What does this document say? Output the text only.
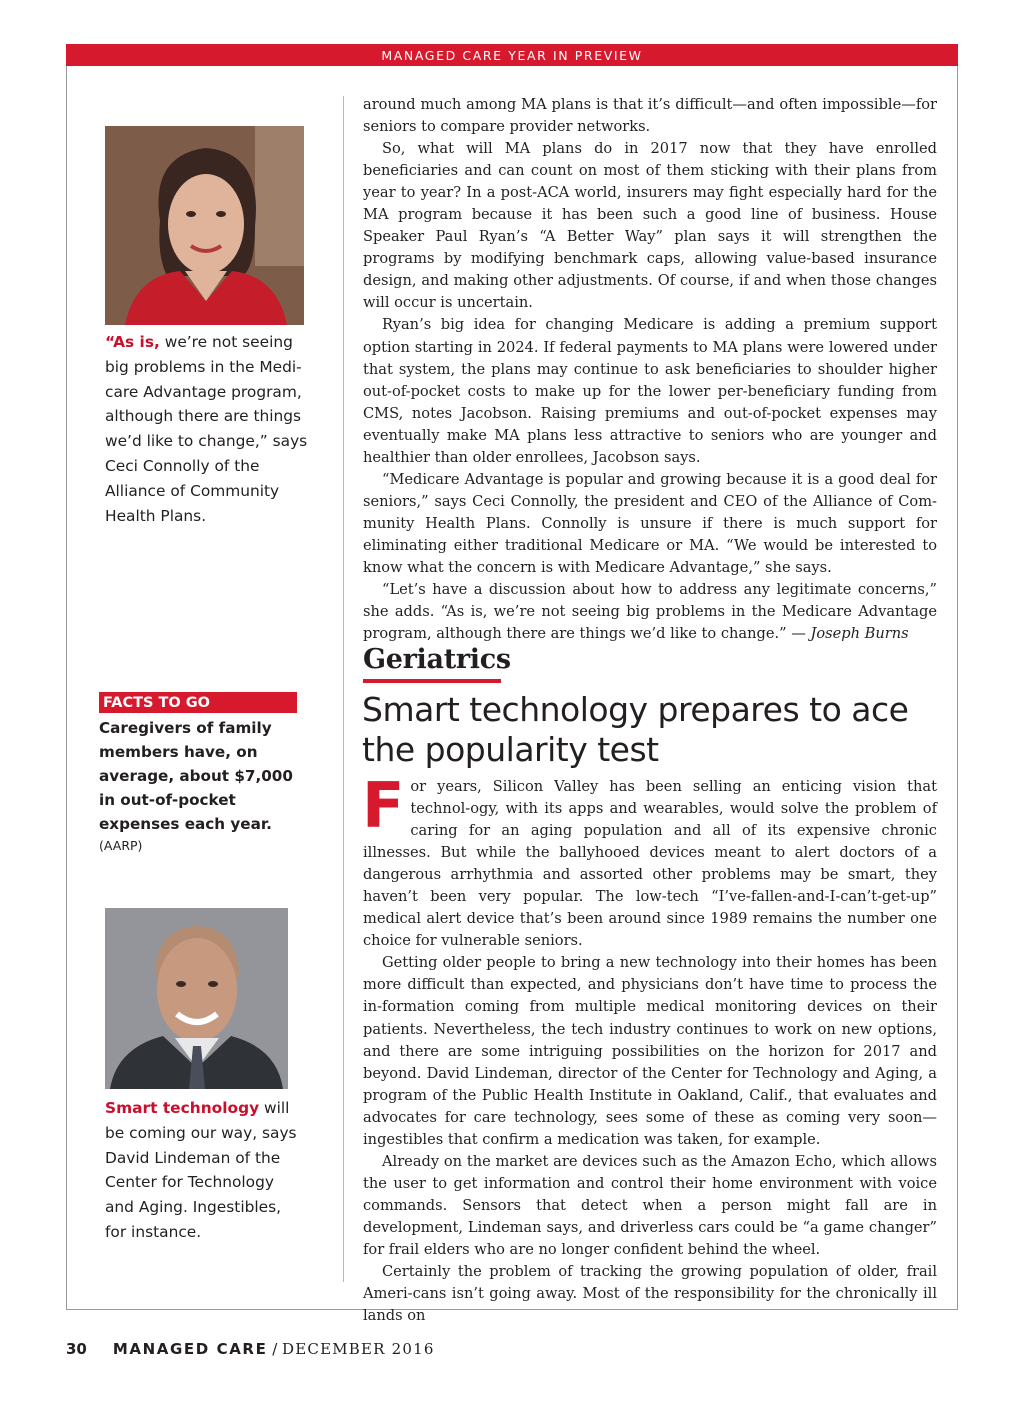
MANAGED CARE YEAR IN PREVIEW
“As is, we’re not seeing big problems in the Medi-care Advantage program, although there are things we’d like to change,” says Ceci Connolly of the Alliance of Community Health Plans.
FACTS TO GO
Caregivers of family members have, on average, about $7,000 in out-of-pocket expenses each year.
(AARP)
Smart technology will be coming our way, says David Lindeman of the Center for Technology and Aging. Ingestibles, for instance.

around much among MA plans is that it’s difficult—and often impossible—for seniors to compare provider networks.

So, what will MA plans do in 2017 now that they have enrolled beneficiaries and can count on most of them sticking with their plans from year to year? In a post-ACA world, insurers may fight especially hard for the MA program because it has been such a good line of business. House Speaker Paul Ryan’s “A Better Way” plan says it will strengthen the programs by modifying benchmark caps, allowing value-based insurance design, and making other adjustments. Of course, if and when those changes will occur is uncertain.

Ryan’s big idea for changing Medicare is adding a premium support option starting in 2024. If federal payments to MA plans were lowered under that system, the plans may continue to ask beneficiaries to shoulder higher out-of-pocket costs to make up for the lower per-beneficiary funding from CMS, notes Jacobson. Raising premiums and out-of-pocket expenses may eventually make MA plans less attractive to seniors who are younger and healthier than older enrollees, Jacobson says.

“Medicare Advantage is popular and growing because it is a good deal for seniors,” says Ceci Connolly, the president and CEO of the Alliance of Com-munity Health Plans. Connolly is unsure if there is much support for eliminating either traditional Medicare or MA. “We would be interested to know what the concern is with Medicare Advantage,” she says.

“Let’s have a discussion about how to address any legitimate concerns,” she adds. “As is, we’re not seeing big problems in the Medicare Advantage program, although there are things we’d like to change.” — Joseph Burns

Geriatrics
Smart technology prepares to ace the popularity test

For years, Silicon Valley has been selling an enticing vision that technol-ogy, with its apps and wearables, would solve the problem of caring for an aging population and all of its expensive chronic illnesses. But while the ballyhooed devices meant to alert doctors of a dangerous arrhythmia and assorted other problems may be smart, they haven’t been very popular. The low-tech “I’ve-fallen-and-I-can’t-get-up” medical alert device that’s been around since 1989 remains the number one choice for vulnerable seniors.

Getting older people to bring a new technology into their homes has been more difficult than expected, and physicians don’t have time to process the in-formation coming from multiple medical monitoring devices on their patients. Nevertheless, the tech industry continues to work on new options, and there are some intriguing possibilities on the horizon for 2017 and beyond. David Lindeman, director of the Center for Technology and Aging, a program of the Public Health Institute in Oakland, Calif., that evaluates and advocates for care technology, sees some of these as coming very soon—ingestibles that confirm a medication was taken, for example.

Already on the market are devices such as the Amazon Echo, which allows the user to get information and control their home environment with voice commands. Sensors that detect when a person might fall are in development, Lindeman says, and driverless cars could be “a game changer” for frail elders who are no longer confident behind the wheel.

Certainly the problem of tracking the growing population of older, frail Ameri-cans isn’t going away. Most of the responsibility for the chronically ill lands on

30 MANAGED CARE / DECEMBER 2016
